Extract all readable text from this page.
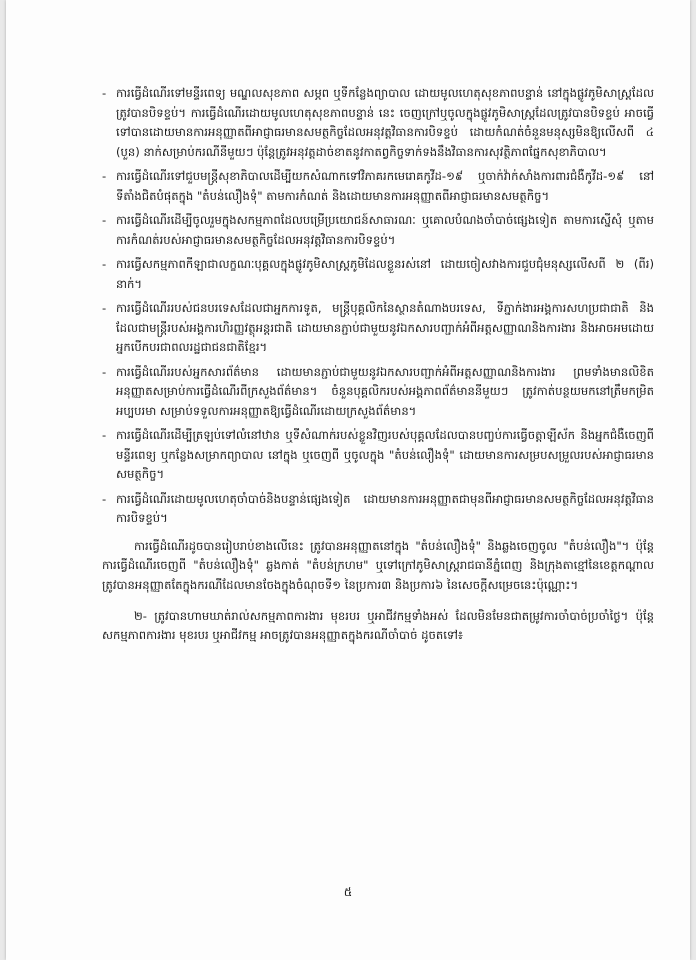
- ការធ្វើដំណើរទៅមន្ទីរពេទ្យ មណ្ឌលសុខភាព សម្ភព ឬទីកន្លែងព្យាបាល ដោយមូលហេតុសុខភាពបន្ទាន់ នៅក្នុងផ្លូវភូមិសាស្ត្រដែលត្រូវបានបិទខ្ទប់។ ការធ្វើដំណើរដោយមូលហេតុសុខភាពបន្ទាន់ នេះ ចេញក្រៅឬចូលក្នុងផ្លូវភូមិសាស្ត្រដែលត្រូវបានបិទខ្ទប់ អាចធ្វើទៅបានដោយមានការអនុញ្ញាតពីអាជ្ញាធរមានសមត្ថកិច្ចដែលអនុវត្តវិធានការបិទខ្ទប់ ដោយកំណត់ចំនួនមនុស្សមិនឱ្យលើសពី ៤ (បួន) នាក់សម្រាប់ករណីនីមួយៗ ប៉ុន្តែត្រូវអនុវត្តដាច់ខាតនូវកាតព្វកិច្ចទាក់ទងនឹងវិធានការសុវត្ថិភាពផ្នែកសុខាភិបាល។
- ការធ្វើដំណើរទៅជួបមន្ត្រីសុខាភិបាលដើម្បីយកសំណាកទៅវិភាគរកមេរោគកូវីដ-១៩ ឬចាក់វ៉ាក់សាំងការពារជំងឺកូវីដ-១៩ នៅទីតាំងជិតបំផុតក្នុង "តំបន់លឿងទុំ" តាមការកំណត់ និងដោយមានការអនុញ្ញាតពីអាជ្ញាធរមានសមត្ថកិច្ច។
- ការធ្វើដំណើរដើម្បីចូលរួមក្នុងសកម្មភាពដែលបម្រើប្រយោជន៍សាធារណៈ ឬគោលបំណងចាំបាច់ផ្សេងទៀត តាមការស្នើសុំ ឬតាមការកំណត់របស់អាជ្ញាធរមានសមត្ថកិច្ចដែលអនុវត្តវិធានការបិទខ្ទប់។
- ការធ្វើសកម្មភាពកីឡាជាលក្ខណៈបុគ្គលក្នុងផ្លូវភូមិសាស្ត្រភូមិដែលខ្លួនរស់នៅ ដោយចៀសវាងការជួបជុំមនុស្សលើសពី ២ (ពីរ) នាក់។
- ការធ្វើដំណើររបស់ជនបរទេសដែលជាអ្នកការទូត, មន្ត្រីបុគ្គលិកនៃស្ថានតំណាងបរទេស, ទីភ្នាក់ងារអង្គការសហប្រជាជាតិ និងដែលជាមន្ត្រីរបស់អង្គការហិរញ្ញវត្ថុអន្តរជាតិ ដោយមានភ្ជាប់ជាមួយនូវឯកសារបញ្ជាក់អំពីអត្តសញ្ញាណនិងការងារ និងអាចអមដោយអ្នកបើកបរជាពលរដ្ឋជាជនជាតិខ្មែរ។
- ការធ្វើដំណើររបស់អ្នកសារព័ត៌មាន ដោយមានភ្ជាប់ជាមួយនូវឯកសារបញ្ជាក់អំពីអត្តសញ្ញាណនិងការងារ ព្រមទាំងមានលិខិតអនុញ្ញាតសម្រាប់ការធ្វើដំណើរពីក្រសួងព័ត៌មាន។ ចំនួនបុគ្គលិករបស់អង្គភាពព័ត៌មាននីមួយៗ ត្រូវកាត់បន្ថយមកនៅត្រឹមកម្រិតអប្បបរមា សម្រាប់ទទួលការអនុញ្ញាតឱ្យធ្វើដំណើរដោយក្រសួងព័ត៌មាន។
- ការធ្វើដំណើរដើម្បីត្រឡប់ទៅលំនៅឋាន ឬទីសំណាក់របស់ខ្លួនវិញរបស់បុគ្គលដែលបានបញ្ចប់ការធ្វើចត្តាឡីស័ក និងអ្នកជំងឺចេញពីមន្ទីរពេទ្យ ឬកន្លែងសម្រាកព្យាបាល នៅក្នុង ឬចេញពី ឬចូលក្នុង "តំបន់លឿងទុំ" ដោយមានការសម្របសម្រួលរបស់អាជ្ញាធរមានសមត្ថកិច្ច។
- ការធ្វើដំណើរដោយមូលហេតុចាំបាច់និងបន្ទាន់ផ្សេងទៀត ដោយមានការអនុញ្ញាតជាមុនពីអាជ្ញាធរមានសមត្ថកិច្ចដែលអនុវត្តវិធានការបិទខ្ទប់។

ការធ្វើដំណើរដូចបានរៀបរាប់ខាងលើនេះ ត្រូវបានអនុញ្ញាតនៅក្នុង "តំបន់លឿងទុំ" និងឆ្លងចេញចូល "តំបន់លឿង"។ ប៉ុន្តែ ការធ្វើដំណើរចេញពី "តំបន់លឿងទុំ" ឆ្លងកាត់ "តំបន់ក្រហម" ឬទៅក្រៅភូមិសាស្ត្ររាជធានីភ្នំពេញ និងក្រុងតាខ្មៅនៃខេត្តកណ្តាល ត្រូវបានអនុញ្ញាតតែក្នុងករណីដែលមានចែងក្នុងចំណុចទី១ នៃប្រការ៣ និងប្រការ៦ នៃសេចក្តីសម្រេចនេះប៉ុណ្ណោះ។

២- ត្រូវបានហាមឃាត់រាល់សកម្មភាពការងារ មុខរបរ ឬអាជីវកម្មទាំងអស់ ដែលមិនមែនជាតម្រូវការចាំបាច់ប្រចាំថ្ងៃ។ ប៉ុន្តែ សកម្មភាពការងារ មុខរបរ ឬអាជីវកម្ម អាចត្រូវបានអនុញ្ញាតក្នុងករណីចាំបាច់ ដូចតទៅ៖

៥
